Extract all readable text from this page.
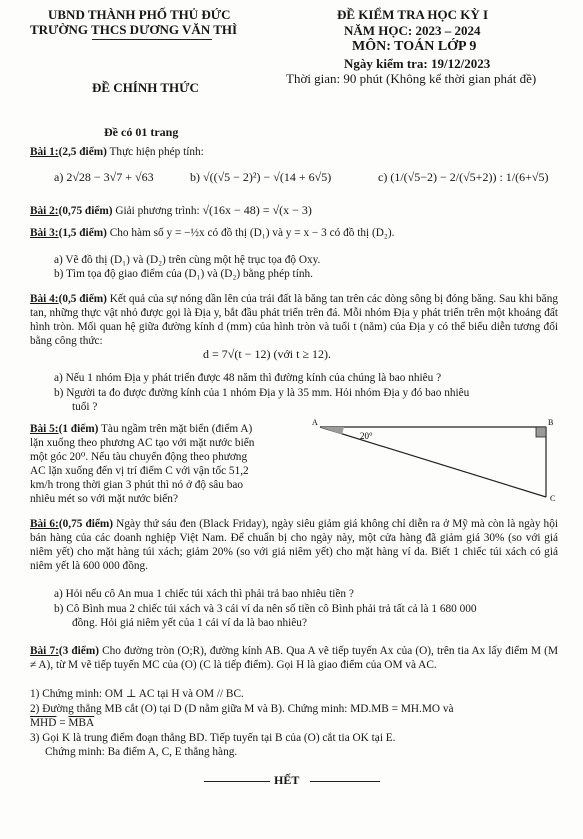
UBND THÀNH PHỐ THỦ ĐỨC
TRƯỜNG THCS DƯƠNG VĂN THÌ
ĐỀ CHÍNH THỨC
Đề có 01 trang
ĐỀ KIỂM TRA HỌC KỲ I
NĂM HỌC: 2023 – 2024
MÔN: TOÁN LỚP 9
Ngày kiểm tra: 19/12/2023
Thời gian: 90 phút (Không kể thời gian phát đề)
Bài 1:(2,5 điểm) Thực hiện phép tính:
a) 2√28 − 3√7 + √63	b) √((√5 − 2)²) − √(14 + 6√5)	c) (1/(√5−2) − 2/(√5+2)) : 1/(6+√5)
Bài 2:(0,75 điểm) Giải phương trình: √(16x − 48) = √(x − 3)
Bài 3:(1,5 điểm) Cho hàm số y = −½x có đồ thị (D₁) và y = x − 3 có đồ thị (D₂).
a) Vẽ đồ thị (D₁) và (D₂) trên cùng một hệ trục tọa độ Oxy.
b) Tìm tọa độ giao điểm của (D₁) và (D₂) bằng phép tính.
Bài 4:(0,5 điểm) Kết quả của sự nóng dần lên của trái đất là băng tan trên các dòng sông bị đóng băng. Sau khi băng tan, những thực vật nhỏ được gọi là Địa y, bắt đầu phát triển trên đá. Mỗi nhóm Địa y phát triển trên một khoảng đất hình tròn. Mối quan hệ giữa đường kính d (mm) của hình tròn và tuổi t (năm) của Địa y có thể biểu diễn tương đối bằng công thức:
d = 7√(t − 12) (với t ≥ 12).
a) Nếu 1 nhóm Địa y phát triển được 48 năm thì đường kính của chúng là bao nhiêu ?
b) Người ta đo được đường kính của 1 nhóm Địa y là 35 mm. Hỏi nhóm Địa y đó bao nhiêu
tuổi ?
Bài 5:(1 điểm) Tàu ngầm trên mặt biển (điểm A)
lặn xuống theo phương AC tạo với mặt nước biển
một góc 20⁰. Nếu tàu chuyển động theo phương
AC lặn xuống đến vị trí điểm C với vận tốc 51,2
km/h trong thời gian 3 phút thì nó ở độ sâu bao
nhiêu mét so với mặt nước biển?
A	B
C
20°
Bài 6:(0,75 điểm) Ngày thứ sáu đen (Black Friday), ngày siêu giảm giá không chỉ diễn ra ở Mỹ mà còn là ngày hội bán hàng của các doanh nghiệp Việt Nam. Để chuẩn bị cho ngày này, một cửa hàng đã giảm giá 30% (so với giá niêm yết) cho mặt hàng túi xách; giảm 20% (so với giá niêm yết) cho mặt hàng ví da. Biết 1 chiếc túi xách có giá niêm yết là 600 000 đồng.
a) Hỏi nếu cô An mua 1 chiếc túi xách thì phải trả bao nhiêu tiền ?
b) Cô Bình mua 2 chiếc túi xách và 3 cái ví da nên số tiền cô Bình phải trả tất cả là 1 680 000
đồng. Hỏi giá niêm yết của 1 cái ví da là bao nhiêu?
Bài 7:(3 điểm) Cho đường tròn (O;R), đường kính AB. Qua A vẽ tiếp tuyến Ax của (O), trên tia Ax lấy điểm M (M ≠ A), từ M vẽ tiếp tuyến MC của (O) (C là tiếp điểm). Gọi H là giao điểm của OM và AC.
1) Chứng minh: OM ⊥ AC tại H và OM // BC.
2) Đường thẳng MB cắt (O) tại D (D nằm giữa M và B). Chứng minh: MD.MB = MH.MO và
$\overline{MHD} = \overline{MBA}$
3) Gọi K là trung điểm đoạn thẳng BD. Tiếp tuyến tại B của (O) cắt tia OK tại E.
Chứng minh: Ba điểm A, C, E thẳng hàng.
HẾT
